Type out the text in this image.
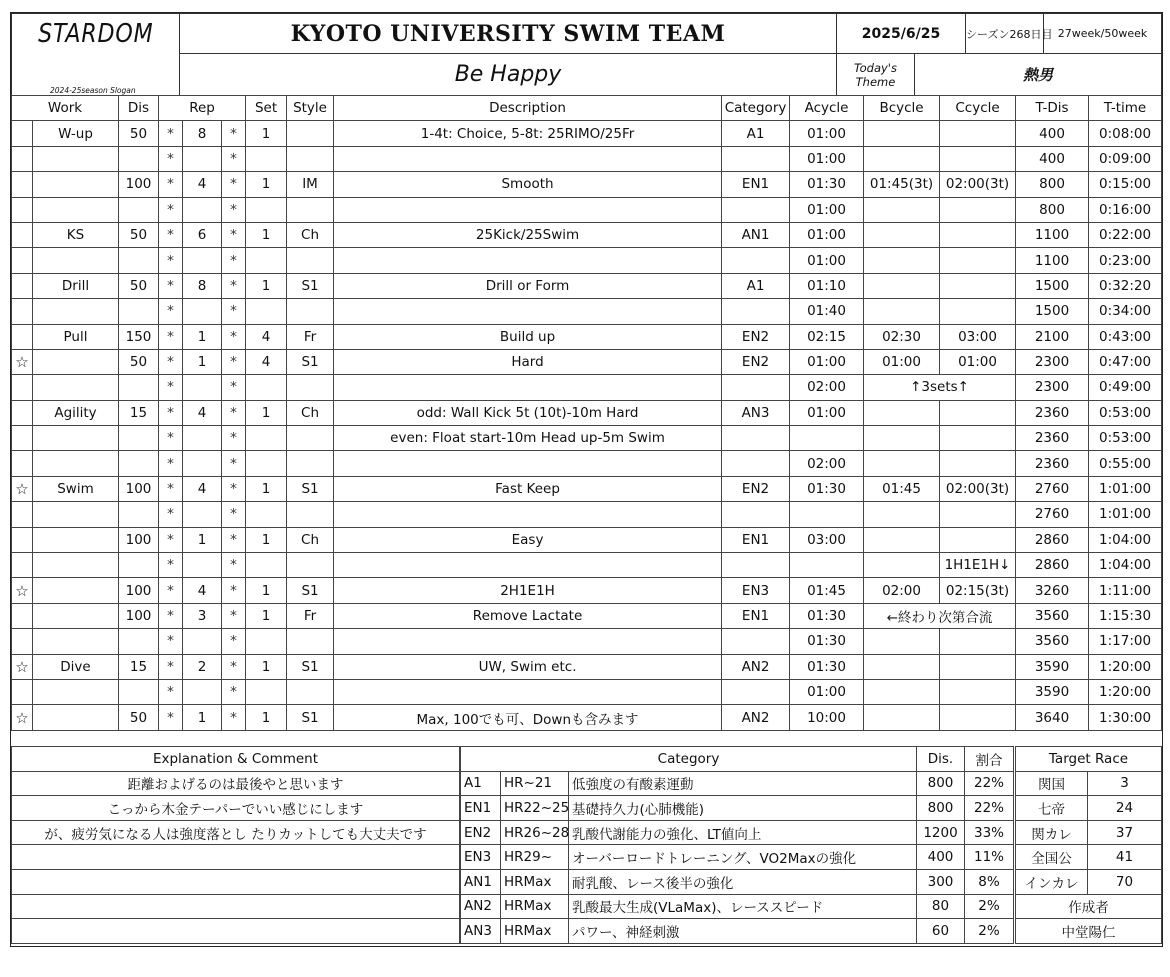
STARDOM	KYOTO UNIVERSITY SWIM TEAM	2025/6/25		シーズン268日目	27week/50week
2024-25season Slogan	Be Happy	Today's
Theme	熱男		
Work		Dis	Rep			Set	Style	Description	Category	Acycle	Bcycle	Ccycle	T-Dis	T-time
	W-up	50	*	8	*	1		1-4t: Choice, 5-8t: 25RIMO/25Fr	A1	01:00			400	0:08:00
			*		*					01:00			400	0:09:00
		100	*	4	*	1	IM	Smooth	EN1	01:30	01:45(3t)	02:00(3t)	800	0:15:00
			*		*					01:00			800	0:16:00
	KS	50	*	6	*	1	Ch	25Kick/25Swim	AN1	01:00			1100	0:22:00
			*		*					01:00			1100	0:23:00
	Drill	50	*	8	*	1	S1	Drill or Form	A1	01:10			1500	0:32:20
			*		*					01:40			1500	0:34:00
	Pull	150	*	1	*	4	Fr	Build up	EN2	02:15	02:30	03:00	2100	0:43:00
☆		50	*	1	*	4	S1	Hard	EN2	01:00	01:00	01:00	2300	0:47:00
			*		*					02:00	↑3sets↑		2300	0:49:00
	Agility	15	*	4	*	1	Ch	odd: Wall Kick 5t (10t)-10m Hard	AN3	01:00			2360	0:53:00
			*		*			even: Float start-10m Head up-5m Swim					2360	0:53:00
			*		*					02:00			2360	0:55:00
☆	Swim	100	*	4	*	1	S1	Fast Keep	EN2	01:30	01:45	02:00(3t)	2760	1:01:00
			*		*								2760	1:01:00
		100	*	1	*	1	Ch	Easy	EN1	03:00			2860	1:04:00
			*		*							1H1E1H↓	2860	1:04:00
☆		100	*	4	*	1	S1	2H1E1H	EN3	01:45	02:00	02:15(3t)	3260	1:11:00
		100	*	3	*	1	Fr	Remove Lactate	EN1	01:30	←終わり次第合流		3560	1:15:30
			*		*					01:30			3560	1:17:00
☆	Dive	15	*	2	*	1	S1	UW, Swim etc.	AN2	01:30			3590	1:20:00
			*		*					01:00			3590	1:20:00
☆		50	*	1	*	1	S1	Max, 100でも可、Downも含みます	AN2	10:00			3640	1:30:00
Explanation & Comment
距離およげるのは最後やと思います
こっから木金テーパーでいい感じにします
が、疲労気になる人は強度落とし たりカットしても大丈夫です

Category			Dis.	割合
A1	HR~21	低強度の有酸素運動	800	22%
EN1	HR22~25	基礎持久力(心肺機能)	800	22%
EN2	HR26~28	乳酸代謝能力の強化、LT値向上	1200	33%
EN3	HR29~	オーバーロードトレーニング、VO2Maxの強化	400	11%
AN1	HRMax	耐乳酸、レース後半の強化	300	8%
AN2	HRMax	乳酸最大生成(VLaMax)、レーススピード	80	2%
AN3	HRMax	パワー、神経刺激	60	2%
Target Race	
関国	3
七帝	24
関カレ	37
全国公	41
インカレ	70
作成者	
中堂陽仁	
